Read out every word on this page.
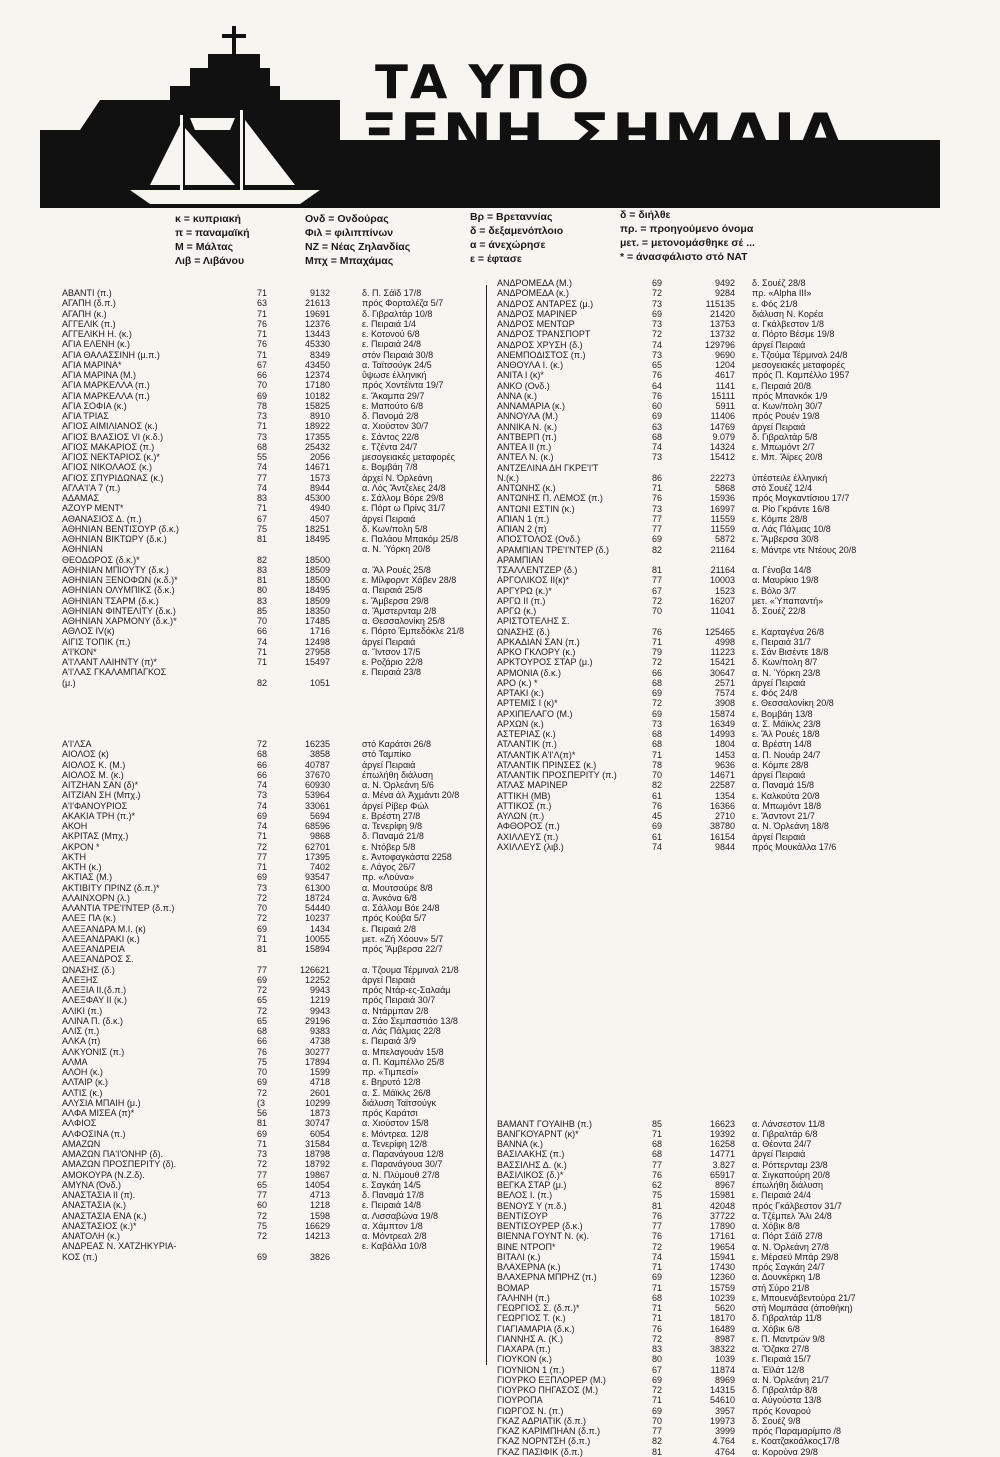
ΤΑ ΥΠΟ
ΞΕΝΗ ΣΗΜΑΙΑ
κ = κυπριακή
π = παναμαϊκή
Μ = Μάλτας
Λιβ = Λιβάνου
Ονδ = Ονδούρας
Φιλ = φιλιππίνων
ΝΖ = Νέας Ζηλανδίας
Μπχ = Μπαχάμας
Βρ = Βρεταννίας
δ = δεξαμενόπλοιο
α = άνεχώρησε
ε = έφτασε
δ = διήλθε
πρ. = προηγούμενο όνομα
μετ. = μετονομάσθηκε σέ ...
* = άνασφάλιστο στό ΝΑΤ
ΑΒΑΝΤΙ (π.)	71	9132	δ. Π. Σάϊδ 17/8
ΑΓΑΠΗ (δ.π.)	63	21613	πρός Φορταλέζα 5/7
ΑΓΑΠΗ (κ.)	71	19691	δ. Γιβραλτάρ 10/8
ΑΓΓΕΛΙΚ (π.)	76	12376	ε. Πειραιά 1/4
ΑΓΓΕΛΙΚΗ Η. (κ.)	71	13443	ε. Κοτονού 6/8
ΑΓΙΑ ΕΛΕΝΗ (κ.)	76	45330	ε. Πειραιά 24/8
ΑΓΙΑ ΘΑΛΑΣΣΙΝΗ (μ.π.)	71	8349	στόν Πειραιά 30/8
ΑΓΙΑ ΜΑΡΙΝΑ*	67	43450	α. Ταϊτσούγκ 24/5
ΑΓΙΑ ΜΑΡΙΝΑ (Μ.)	66	12374	ΰψωσε έλληνική
ΑΓΙΑ ΜΑΡΚΕΛΛΑ (π.)	70	17180	πρός Χοντέϊντα 19/7
ΑΓΙΑ ΜΑΡΚΕΛΛΑ (π.)	69	10182	ε. Ἄκαμπα 29/7
ΑΓΙΑ ΣΟΦΙΑ (κ.)	78	15825	ε. Μαπούτο 6/8
ΑΓΙΑ ΤΡΙΑΣ	73	8910	δ. Πανομά 2/8
ΑΓΙΟΣ ΑΙΜΙΛΙΑΝΟΣ (κ.)	71	18922	α. Χιούστον 30/7
ΑΓΙΟΣ ΒΛΑΣΙΟΣ VI (κ.δ.)	73	17355	ε. Σάντος 22/8
ΑΓΙΟΣ ΜΑΚΑΡΙΟΣ (π.)	68	25432	ε. Τζέντα 24/7
ΑΓΙΟΣ ΝΕΚΤΑΡΙΟΣ (κ.)*	55	2056	μεσογειακές μεταφορές
ΑΓΙΟΣ ΝΙΚΟΛΑΟΣ (κ.)	74	14671	ε. Βομβάη 7/8
ΑΓΙΟΣ ΣΠΥΡΙΔΩΝΑΣ (κ.)	77	1573	άρχεί Ν. Όρλεάνη
ΑΓΛΑ'Ι'Α 7 (π.)	74	8944	α. Λός Ἄντζελες 24/8
ΑΔΑΜΑΣ	83	45300	ε. Σάλλομ Βόρε 29/8
ΑΖΟΥΡ ΜΕΝΤ*	71	4940	ε. Πόρτ ω Πρίνς 31/7
ΑΘΑΝΑΣΙΟΣ Δ. (π.)	67	4507	άργεί Πειραιά
ΑΘΗΝΙΑΝ ΒΕΝΤΙΣΟΥΡ (δ.κ.)	75	18251	δ. Κων/πολη 5/8
ΑΘΗΝΙΑΝ ΒΙΚΤΩΡΥ (δ.κ.)	81	18495	ε. Παλάου Μπακόμ 25/8
ΑΘΗΝΙΑΝ	α. Ν. Ύόρκη 20/8
ΘΕΟΔΩΡΟΣ (δ.κ.)*	82	18500
ΑΘΗΝΙΑΝ ΜΠΙΟΥΤΥ (δ.κ.)	83	18509	α. Ἄλ Ρουές 25/8
ΑΘΗΝΙΑΝ ΞΕΝΟΦΩΝ (κ.δ.)*	81	18500	ε. Μίλφορντ Χάβεν 28/8
ΑΘΗΝΙΑΝ ΟΛΥΜΠΙΚΣ (δ.κ.)	80	18495	α. Πειραιά 25/8
ΑΘΗΝΙΑΝ ΤΣΑΡΜ (δ.κ.)	83	18509	ε. Ἄμβερσα 29/8
ΑΘΗΝΙΑΝ ΦΙΝΤΕΛΙΤΥ (δ.κ.)	85	18350	α. Ἄμστερνταμ 2/8
ΑΘΗΝΙΑΝ ΧΑΡΜΟΝΥ (δ.κ.)*	70	17485	α. Θεσσαλονίκη 25/8
ΑΘΛΟΣ IV(κ)	66	1716	ε. Πόρτο Έμπεδόκλε 21/8
ΑΙΓΙΣ ΤΟΠΙΚ (π.)	74	12498	άργεί Πειραιά
Α'Ι'ΚΟΝ*	71	27958	α. Ἴντσον 17/5
Α'Ι'ΛΑΝΤ ΛΑΙΗΝΤΥ (π)*	71	15497	ε. Ροζάριο 22/8
Α'Ι'ΛΑΣ ΓΚΑΛΑΜΠΑΓΚΟΣ	ε. Πειραιά 23/8
(μ.)	82	1051
Α'Ι'ΛΣΑ	72	16235	στό Καράτσι 26/8
ΑΙΟΛΟΣ (κ)	68	3858	στό Ταμπίκο
ΑΙΟΛΟΣ Κ. (Μ.)	66	40787	άργεί Πειραιά
ΑΙΟΛΟΣ Μ. (κ.)	66	37670	έπωλήθη διάλυση
ΑΙΤΖΗΑΝ ΣΑΝ (δ)*	74	60930	α. Ν. Όρλεάνη 5/6
ΑΙΤΖΙΑΝ ΣΗ (Μπχ.)	73	53964	α. Μένα άλ Ἀχμάντι 20/8
Α'Ι'ΦΑΝΟΥΡΙΟΣ	74	33061	άργεί Ρίβερ Φώλ
ΑΚΑΚΙΑ ΤΡΗ (π.)*	69	5694	ε. Βρέστη 27/8
ΑΚΟΗ	74	68596	α. Τενερίφη 9/8
ΑΚΡΙΤΑΣ (Μπχ.)	71	9868	δ. Παναμά 21/8
ΑΚΡΟΝ *	72	62701	ε. Ντόβερ 5/8
ΑΚΤΗ	77	17395	ε. Ἀντοφαγκάστα 2258
ΑΚΤΗ (κ.)	71	7402	ε. Λάγος 26/7
ΑΚΤΙΑΣ (Μ.)	69	93547	πρ. «Λούνα»
ΑΚΤΙΒΙΤΥ ΠΡΙΝΖ (δ.π.)*	73	61300	α. Μουτσούρε 8/8
ΑΛΑΙΝΧΟΡΝ (λ.)	72	18724	α. Ἀνκόνα 6/8
ΑΛΑΝΤΙΑ ΤΡΕ'Ι'ΝΤΕΡ (δ.π.)	70	54440	α. Σάλλομ Βόε 24/8
ΑΛΕΞ ΠΑ (κ.)	72	10237	πρός Κούβα 5/7
ΑΛΕΞΑΝΔΡΑ Μ.Ι. (κ)	69	1434	ε. Πειραιά 2/8
ΑΛΕΞΑΝΔΡΑΚΙ (κ.)	71	10055	μετ. «Ζή Χόουν» 5/7
ΑΛΕΞΑΝΔΡΕΙΑ	81	15894	πρός Ἄμβερσα 22/7
ΑΛΕΞΑΝΔΡΟΣ Σ.
ΩΝΑΣΗΣ (δ.)	77	126621	α. Τζουμα Τέρμιναλ 21/8
ΑΛΕΞΗΣ	69	12252	άργεί Πειραιά
ΑΛΕΞΙΑ ΙΙ.(δ.π.)	72	9943	πρός Ντάρ-ες-Σαλαάμ
ΑΛΕΞΦΑΥ ΙΙ (κ.)	65	1219	πρός Πειραιά 30/7
ΑΛΙΚΙ (π.)	72	9943	α. Ντάρμπαν 2/8
ΑΛΙΝΑ Π. (δ.κ.)	65	29196	α. Σάο Σεμπαστιάο 13/8
ΑΛΙΣ (π.)	68	9383	α. Λάς Πάλμας 22/8
ΑΛΚΑ (π)	66	4738	ε. Πειραιά 3/9
ΑΛΚΥΟΝΙΣ (π.)	76	30277	α. Μπελαγουάν 15/8
ΑΛΜΑ	75	17894	α. Π. Καμπέλλο 25/8
ΑΛΟΗ (κ.)	70	1599	πρ. «Τιμπεσί»
ΑΛΤΑΙΡ (κ.)	69	4718	ε. Βηρυτό 12/8
ΑΛΤΙΣ (κ.)	72	2601	α. Σ. Μάϊκλς 26/8
ΑΛΥΣΙΑ ΜΠΑΙΗ (μ.)	(3	10299	διάλυση Ταϊτσούγκ
ΑΛΦΑ ΜΙΣΕΑ (π)*	56	1873	πρός Καράτσι
ΑΛΦΙΟΣ	81	30747	α. Χιούστον 15/8
ΑΛΦΟΣΙΝΑ (π.)	69	6054	ε. Μόντρεα. 12/8
ΑΜΑΖΩΝ	71	31584	α. Τενερίφη 12/8
ΑΜΑΖΩΝ ΠΑ'Ι'ΟΝΗΡ (δ).	73	18798	α. Παρανάγουα 12/8
ΑΜΑΖΩΝ ΠΡΟΣΠΕΡΙΤΥ (δ).	72	18792	ε. Παρανάγουα 30/7
ΑΜΟΚΟΥΡΑ (Ν.Ζ.δ).	77	19867	α. Ν. Πλύμουθ 27/8
ΑΜΥΝΑ (Όνδ.)	65	14054	ε. Σαγκάη 14/5
ΑΝΑΣΤΑΣΙΑ ΙΙ (π).	77	4713	δ. Παναμά 17/8
ΑΝΑΣΤΑΣΙΑ (κ.)	60	1218	ε. Πειραιά 14/8
ΑΝΑΣΤΑΣΙΑ ΕΝΑ (κ.)	72	1598	α. Λισσαβώνα 19/8
ΑΝΑΣΤΑΣΙΟΣ (κ.)*	75	16629	α. Χάμπτον 1/8
ΑΝΑΤΟΛΗ (κ.)	72	14213	α. Μόντρεαλ 2/8
ΑΝΔΡΕΑΣ Ν. ΧΑΤΖΗΚΥΡΙΑ-	ε. Καβάλλα 10/8
ΚΟΣ (π.)	69	3826
ΑΝΔΡΟΜΕΔΑ (Μ.)	69	9492 δ. Σουέζ 28/8
ΑΝΔΡΟΜΕΔΑ (κ.)	72	9284 πρ. «Alpha III»
ΑΝΔΡΟΣ ΑΝΤΑΡΕΣ (μ.)	73	115135 ε. Φός 21/8
ΑΝΔΡΟΣ ΜΑΡΙΝΕΡ	69	21420 διάλυση Ν. Κορέα
ΑΝΔΡΟΣ ΜΕΝΤΩΡ	73	13753 α. Γκάλβεστον 1/8
ΑΝΔΡΟΣ ΤΡΑΝΣΠΟΡΤ	72	13732 α. Πόρτο Βέσμε 19/8
ΑΝΔΡΟΣ ΧΡΥΣΗ (δ.)	74	129796 άργεί Πειραιά
ΑΝΕΜΠΟΔΙΣΤΟΣ (π.)	73	9690 ε. Τζούμα Τέρμιναλ 24/8
ΑΝΘΟΥΛΑ Ι. (κ.)	65	1204 μεσογειακές μεταφορές
ΑΝΙΤΑ Ι (κ)*	76	4617 πρός Π. Καμπέλλο 1957
ΑΝΚΟ (Ονδ.)	64	1141 ε. Πειραιά 20/8
ΑΝΝΑ (κ.)	76	15111 πρός Μπανκόκ 1/9
ΑΝΝΑΜΑΡΙΑ (κ.)	60	5911 α. Κων/πολη 30/7
ΑΝΝΟΥΛΑ (Μ.)	69	11406 πρός Ρουέν 19/8
ΑΝΝΙΚΑ Ν. (κ.)	63	14769 άργεί Πειραιά
ΑΝΤΒΕΡΠ (π.)	68	9.079 δ. Γιβραλτάρ 5/8
ΑΝΤΕΑ ΙΙ (π.)	74	14324 ε. Μπωμόντ 2/7
ΑΝΤΕΛ Ν. (κ.)	73	15412 ε. Μπ. Ἄϊρες 20/8
ΑΝΤΖΕΛΙΝΑ ΔΗ ΓΚΡΕ'Ι'Τ
Ν.(κ.)	86	22273 ύπέστειλε έλληνική
ΑΝΤΩΝΗΣ (κ.)	71	5868 στό Σουέζ 12/4
ΑΝΤΩΝΗΣ Π. ΛΕΜΟΣ (π.)	76	15936 πρός Μογκαντίσιου 17/7
ΑΝΤΩΝΙ ΕΣΤΙΝ (κ.)	73	16997 α. Ρίο Γκράντε 16/8
ΑΠΙΑΝ 1 (π.)	77	11559 ε. Κόμπε 28/8
ΑΠΙΑΝ 2 (π)	77	11559 α. Λάς Πάλμας 10/8
ΑΠΟΣΤΟΛΟΣ (Ονδ.)	69	5872 ε. Ἄμβερσα 30/8
ΑΡΑΜΠΙΑΝ ΤΡΕ'Ι'ΝΤΕΡ (δ.)	82	21164 ε. Μάντρε ντε Ντέους 20/8
ΑΡΑΜΠΙΑΝ
ΤΣΑΛΛΕΝΤΖΕΡ (δ.)	81	21164 α. Γένοβα 14/8
ΑΡΓΟΛΙΚΟΣ ΙΙ(κ)*	77	10003 α. Μαυρίκιο 19/8
ΑΡΓΥΡΩ (κ.)*	67	1523 ε. Βόλο 3/7
ΑΡΓΩ ΙΙ (π.)	72	16207 μετ. «Ύπαπαντή»
ΑΡΓΩ (κ.)	70	11041 δ. Σουέζ 22/8
ΑΡΙΣΤΟΤΕΛΗΣ Σ.
ΩΝΑΣΗΣ (δ.)	76	125465 ε. Καρταγένα 26/8
ΑΡΚΑΔΙΑΝ ΣΑΝ (π.)	71	4998 ε. Πειραιά 31/7
ΑΡΚΟ ΓΚΛΟΡΥ (κ.)	79	11223 ε. Σάν Βισέντε 18/8
ΑΡΚΤΟΥΡΟΣ ΣΤΑΡ (μ.)	72	15421 δ. Κων/πολη 8/7
ΑΡΜΟΝΙΑ (δ.κ.)	66	30647 α. Ν. Ύόρκη 23/8
ΑΡΟ (κ.) *	68	2571 άργεί Πειραιά
ΑΡΤΑΚΙ (κ.)	69	7574 ε. Φός 24/8
ΑΡΤΕΜΙΣ Ι (κ)*	72	3908 ε. Θεσσαλονίκη 20/8
ΑΡΧΙΠΕΛΑΓΟ (Μ.)	69	15874 ε. Βομβάη 13/8
ΑΡΧΩΝ (κ.)	73	16349 α. Σ. Μάϊκλς 23/8
ΑΣΤΕΡΙΑΣ (κ.)	68	14993 ε. Ἄλ Ρουές 18/8
ΑΤΛΑΝΤΙΚ (π.)	68	1804 α. Βρέστη 14/8
ΑΤΛΑΝΤΙΚ Α'Ι'Λ(π)*	71	1453 α. Π. Νουάρ 24/7
ΑΤΛΑΝΤΙΚ ΠΡΙΝΣΕΣ (κ.)	78	9636 α. Κόμπε 28/8
ΑΤΛΑΝΤΙΚ ΠΡΟΣΠΕΡΙΤΥ (π.)	70	14671 άργεί Πειραιά
ΑΤΛΑΣ ΜΑΡΙΝΕΡ	82	22587 α. Παναμά 15/8
ΑΤΤΙΚΗ (ΜΒ)	61	1354 ε. Καλκούτα 20/8
ΑΤΤΙΚΟΣ (π.)	76	16366 α. Μπωμόντ 18/8
ΑΥΛΩΝ (π.)	45	2710 ε. Ἄσντοντ 21/7
ΑΦΘΟΡΟΣ (π.)	69	38780 α. Ν. Όρλεάνη 18/8
ΑΧΙΛΛΕΥΣ (π.)	61	16154 άργεί Πειραιά
ΑΧΙΛΛΕΥΣ (λιβ.)	74	9844 πρός Μουκάλλα 17/6
ΒΑΜΑΝΤ ΓΟΥΑΙΗΒ (π.)	85	16623 α. Λάνσεστον 11/8
ΒΑΝΓΚΟΥΑΡΝΤ (κ)*	71	19392 α. Γιβραλτάρ 6/8
ΒΑΝΝΑ (κ.)	68	16258 α. Θέοντα 24/7
ΒΑΣΙΛΑΚΗΣ (π.)	68	14771 άργεί Πειραιά
ΒΑΣΣΙΛΗΣ Δ. (κ.)	77	3.827 α. Ρόττερνταμ 23/8
ΒΑΣΙΛΙΚΟΣ (δ.)*	76	65917 α. Σιγκαπούρη 20/8
ΒΕΓΚΑ ΣΤΑΡ (μ.)	62	8967 έπωλήθη διάλυση
ΒΕΛΟΣ Ι. (π.)	75	15981 ε. Πειραιά 24/4
ΒΕΝΟΥΣ Υ (π.δ.)	81	42048 πρός Γκάλβεστον 31/7
ΒΕΝΤΙΣΟΥΡ	76	37722 α. Τζέμπελ Ἄλι 24/8
ΒΕΝΤΙΣΟΥΡΕΡ (δ.κ.)	77	17890 α. Χόβικ 8/8
ΒΙΕΝΝΑ ΓΟΥΝΤ Ν. (κ).	76	17161 α. Πόρτ Σάϊδ 27/8
ΒΙΝΕ ΝΤΡΟΠ*	72	19654 α. Ν. Όρλεάνη 27/8
ΒΙΤΑΛΙ (κ.)	74	15941 ε. Μέρσεϋ Μπάρ 29/8
ΒΛΑΧΕΡΝΑ (κ.)	71	17430 πρός Σαγκάη 24/7
ΒΛΑΧΕΡΝΑ ΜΠΡΗΖ (π.)	69	12360 α. Δουνκέρκη 1/8
ΒΟΜΑΡ	71	15759 στή Σύρο 21/8
ΓΑΛΗΝΗ (π.)	68	10239 ε. Μπουενάβεντούρα 21/7
ΓΕΩΡΓΙΟΣ Σ. (δ.π.)*	71	5620 στή Μομπάσα (άποθήκη)
ΓΕΩΡΓΙΟΣ Τ. (κ.)	71	18170 δ. Γιβραλτάρ 11/8
ΓΙΑΓΙΑΜΑΡΙΑ (δ.κ.)	76	16489 α. Χόβικ 6/8
ΓΙΑΝΝΗΣ Α. (Κ.)	72	8987 ε. Π. Μαντρών 9/8
ΓΙΑΧΑΡΑ (π.)	83	38322 α. Ὄζακα 27/8
ΓΙΟΥΚΟΝ (κ.)	80	1039 ε. Πειραιά 15/7
ΓΙΟΥΝΙΟΝ 1 (π.)	67	11874 α. Ἐϊλάτ 12/8
ΓΙΟΥΡΚΟ ΕΞΠΛΟΡΕΡ (Μ.)	69	8969 α. Ν. Όρλεάνη 21/7
ΓΙΟΥΡΚΟ ΠΗΓΑΣΟΣ (Μ.)	72	14315 δ. Γιβραλτάρ 8/8
ΓΙΟΥΡΟΠΑ	71	54610 α. Αύγούστα 13/8
ΓΙΩΡΓΟΣ Ν. (π.)	69	3957 πρός Κοναρού
ΓΚΑΖ ΑΔΡΙΑΤΙΚ (δ.π.)	70	19973 δ. Σουέζ 9/8
ΓΚΑΖ ΚΑΡΙΜΠΗΑΝ (δ.π.)	77	3999 πρός Παραμαρίμπο /8
ΓΚΑΖ ΝΟΡΝΤΣΗ (δ.π.)	82	4.764 ε. Κοατζακοάλκος17/8
ΓΚΑΖ ΠΑΣΙΦΙΚ (δ.π.)	81	4764 α. Κορούνα 29/8
